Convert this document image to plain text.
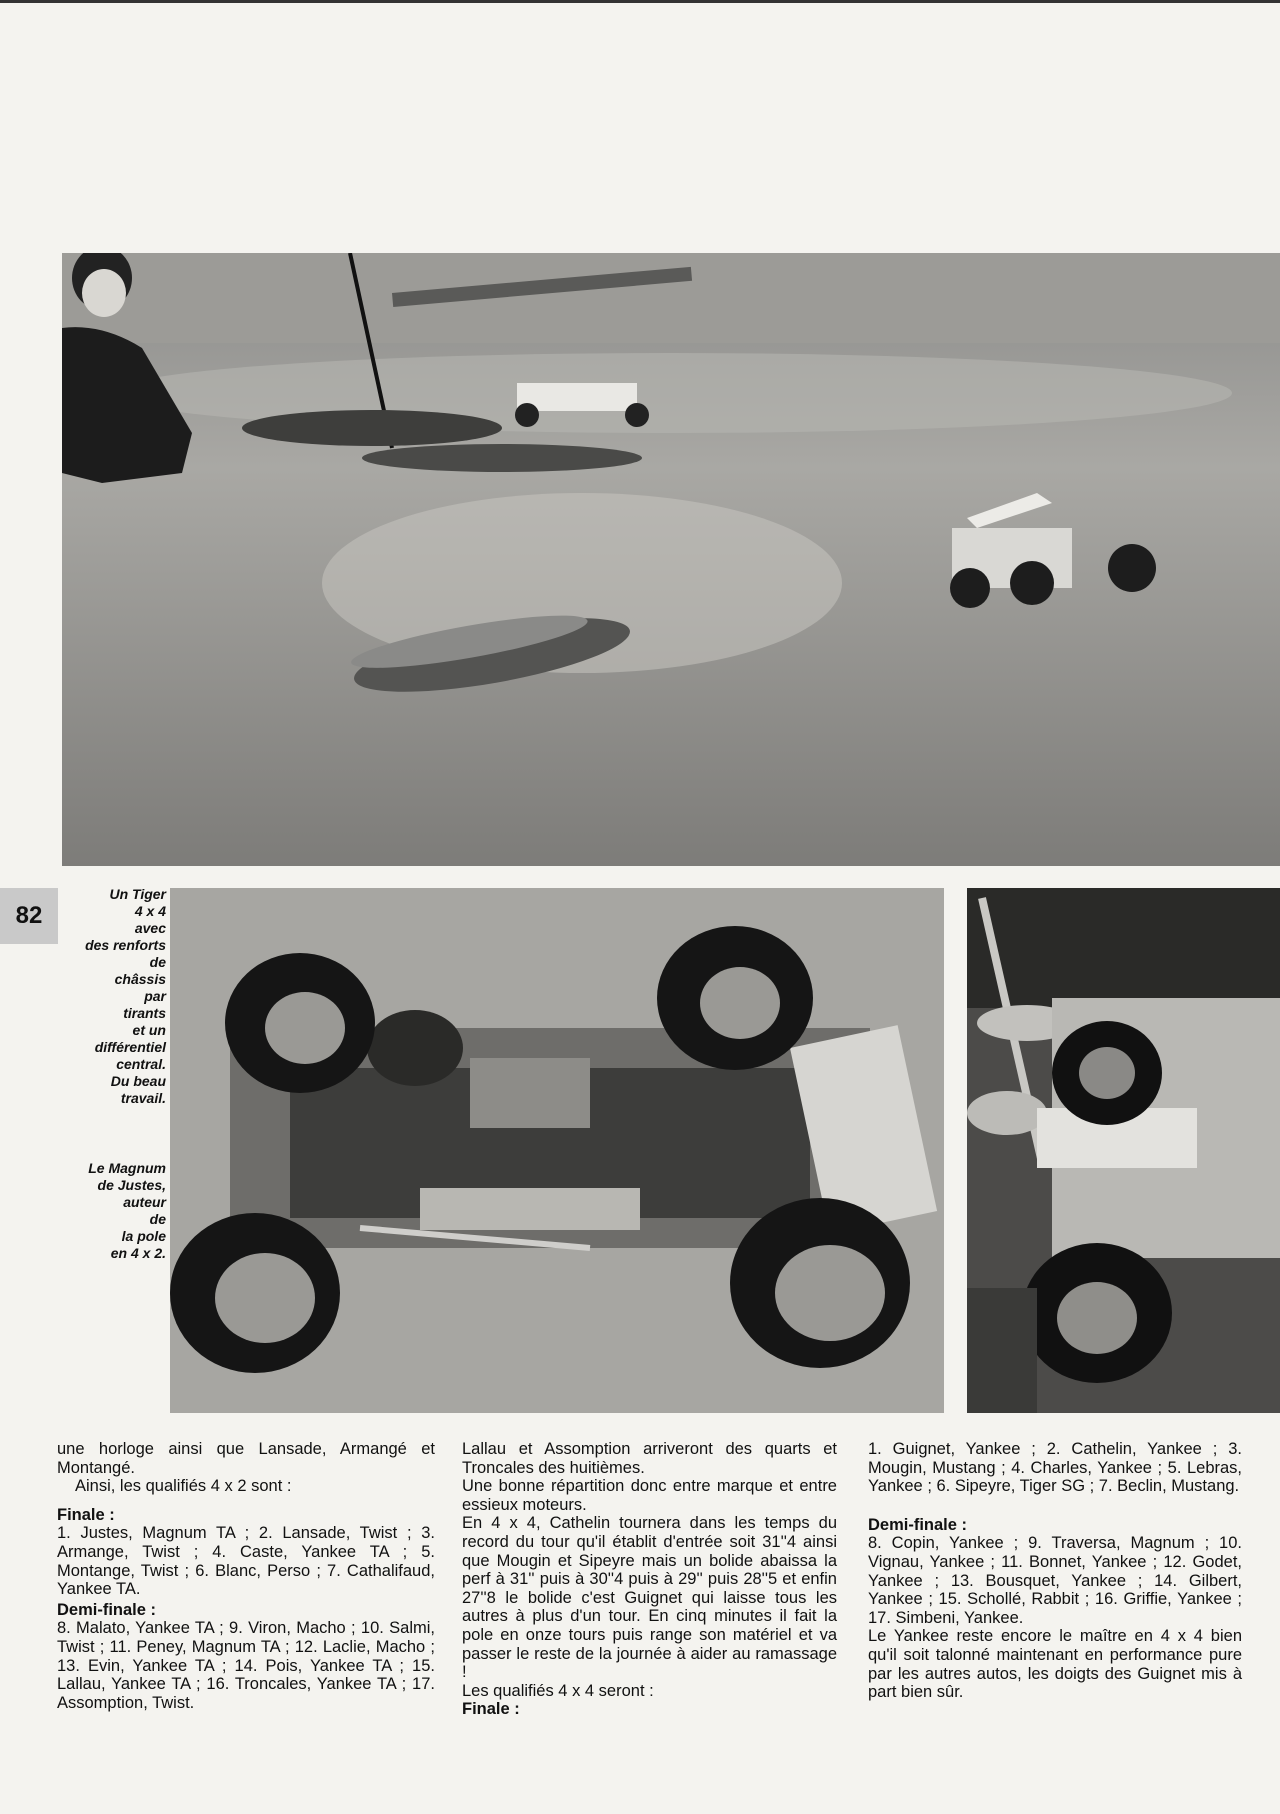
82
Un Tiger
4 x 4
avec
des renforts
de
châssis
par
tirants
et un
différentiel
central.
Du beau
travail.
Le Magnum
de Justes,
auteur
de
la pole
en 4 x 2.

une horloge ainsi que Lansade, Armangé et Montangé.

Ainsi, les qualifiés 4 x 2 sont :

Finale :

1. Justes, Magnum TA ; 2. Lansade, Twist ; 3. Armange, Twist ; 4. Caste, Yankee TA ; 5. Montange, Twist ; 6. Blanc, Perso ; 7. Cathalifaud, Yankee TA.

Demi-finale :

8. Malato, Yankee TA ; 9. Viron, Macho ; 10. Salmi, Twist ; 11. Peney, Magnum TA ; 12. Laclie, Macho ; 13. Evin, Yankee TA ; 14. Pois, Yankee TA ; 15. Lallau, Yankee TA ; 16. Troncales, Yankee TA ; 17. Assomption, Twist.

Lallau et Assomption arriveront des quarts et Troncales des huitièmes.

Une bonne répartition donc entre marque et entre essieux moteurs.

En 4 x 4, Cathelin tournera dans les temps du record du tour qu'il établit d'entrée soit 31''4 ainsi que Mougin et Sipeyre mais un bolide abaissa la perf à 31'' puis à 30''4 puis à 29'' puis 28''5 et enfin 27''8 le bolide c'est Guignet qui laisse tous les autres à plus d'un tour. En cinq minutes il fait la pole en onze tours puis range son matériel et va passer le reste de la journée à aider au ramassage !

Les qualifiés 4 x 4 seront :

Finale :

1. Guignet, Yankee ; 2. Cathelin, Yankee ; 3. Mougin, Mustang ; 4. Charles, Yankee ; 5. Lebras, Yankee ; 6. Sipeyre, Tiger SG ; 7. Beclin, Mustang.

Demi-finale :

8. Copin, Yankee ; 9. Traversa, Magnum ; 10. Vignau, Yankee ; 11. Bonnet, Yankee ; 12. Godet, Yankee ; 13. Bousquet, Yankee ; 14. Gilbert, Yankee ; 15. Schollé, Rabbit ; 16. Griffie, Yankee ; 17. Simbeni, Yankee.

Le Yankee reste encore le maître en 4 x 4 bien qu'il soit talonné maintenant en performance pure par les autres autos, les doigts des Guignet mis à part bien sûr.
